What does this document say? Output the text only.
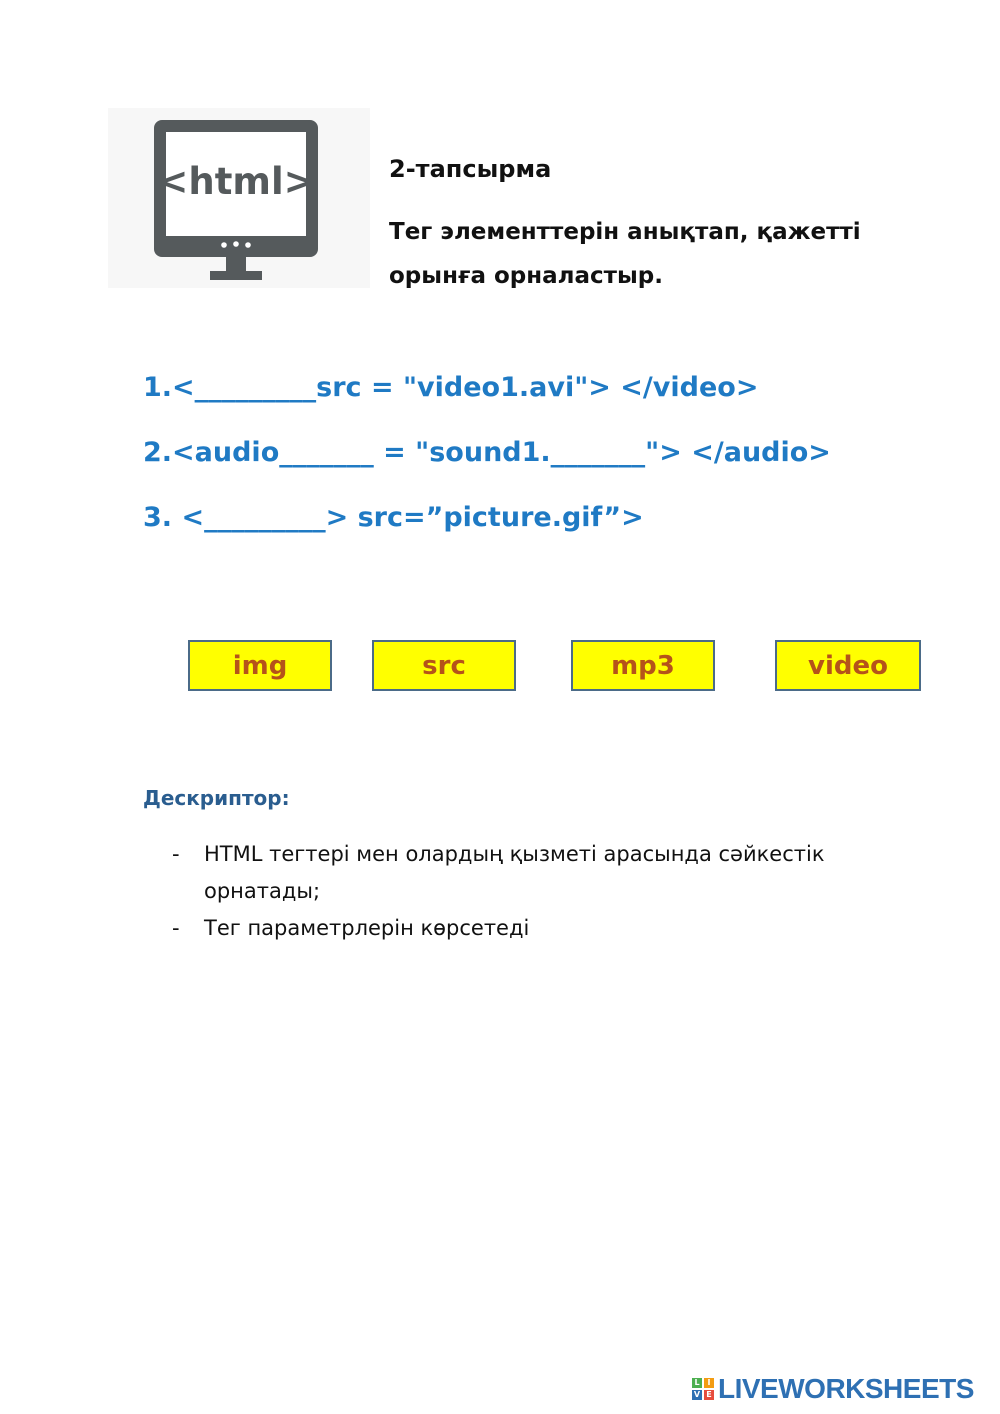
<html>	2-тапсырма
Тег элементтерін анықтап, қажетті орынға орналастыр.
1.<_________src = "video1.avi"> </video>
2.<audio_______ = "sound1._______"> </audio>
3. <_________> src=”picture.gif”>
img	src	mp3	video
Дескриптор:
-	HTML тегтері мен олардың қызметі арасында сәйкестік орнатады;
-	Тег параметрлерін көрсетеді
L I
V E LIVEWORKSHEETS
